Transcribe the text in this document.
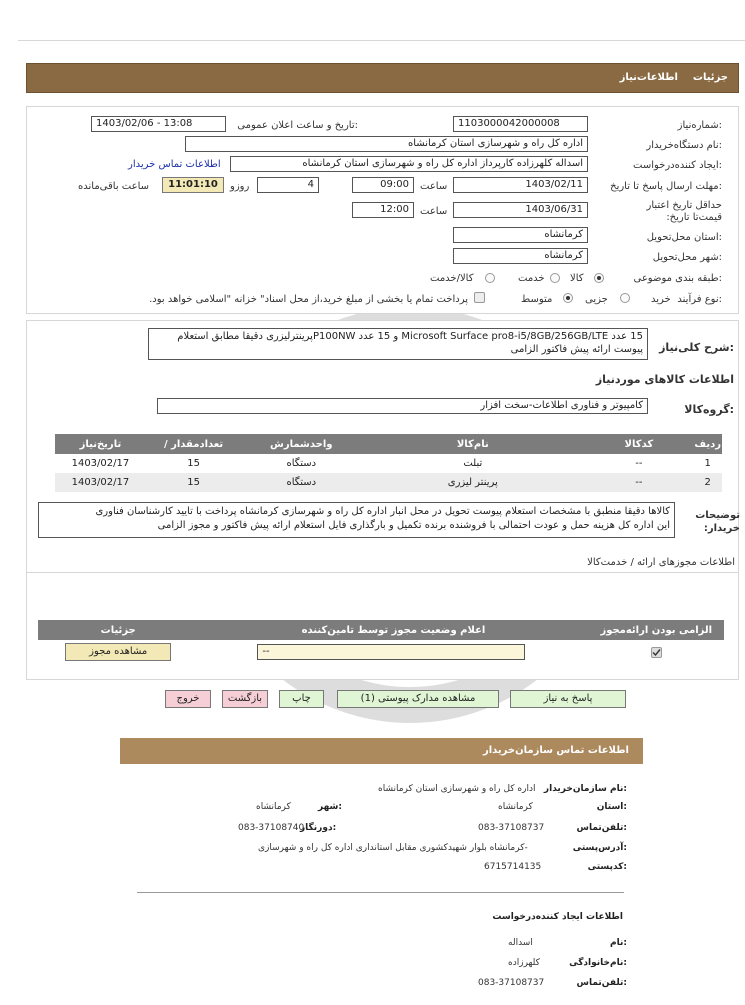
جزئیات
اطلاعات‌نیاز
شماره‌نیاز:
1103000042000008
تاریخ و ساعت اعلان عمومی:
1403/02/06 - 13:08
نام دستگاه‌خریدار:
اداره کل راه و شهرسازی استان کرمانشاه
ایجاد کننده‌درخواست:
اسداله کلهرزاده کارپرداز اداره کل راه و شهرسازی استان کرمانشاه
اطلاعات تماس خریدار
مهلت ارسال پاسخ تا تاریخ:
1403/02/11
ساعت
09:00
4
روزو
11:01:10
ساعت باقی‌مانده
حداقل تاریخ اعتبار قیمت‌تا تاریخ:
1403/06/31
ساعت
12:00
استان محل‌تحویل:
کرمانشاه
شهر محل‌تحویل:
کرمانشاه
طبقه بندی موضوعی:
کالا
خدمت
کالا/خدمت
نوع فرآیند:
خرید
جزیی
متوسط
پرداخت تمام یا بخشی از مبلغ خرید،از محل اسناد" خزانه "اسلامی خواهد بود.
شرح کلی‌نیاز:
15 عدد Microsoft Surface pro8-i5/8GB/256GB/LTE و 15 عدد P100NWپرینترلیزری دقیقا مطابق استعلام
پیوست ارائه پیش فاکتور الزامی
اطلاعات کالاهای موردنیاز
گروه‌کالا:
کامپیوتر و فناوری اطلاعات-سخت افزار
تاریخ‌نیاز	/ تعدادمقدار	واحدشمارش	نام‌کالا	کدکالا	ردیف
1403/02/17	15	دستگاه	تبلت	--	1
1403/02/17	15	دستگاه	پرینتر لیزری	--	2
توضیحات خریدار:
کالاها دقیقا منطبق با مشخصات استعلام پیوست تحویل در محل انبار اداره کل راه و شهرسازی کرمانشاه پرداخت با تایید کارشناسان فناوری
این اداره کل هزینه حمل و عودت احتمالی با فروشنده برنده تکمیل و بارگذاری فایل استعلام ارائه پیش فاکتور و مجوز الزامی
اطلاعات مجوزهای ارائه / خدمت‌کالا
جزئیات	اعلام وضعیت مجوز توسط تامین‌کننده	الزامی بودن ارائه‌مجوز

مشاهده مجوز	--

پاسخ به نیاز
مشاهده مدارک پیوستی (1)
چاپ
بازگشت
خروج
اطلاعات تماس سازمان‌خریدار
نام سازمان‌خریدار:
اداره کل راه و شهرسازی استان کرمانشاه
استان:
کرمانشاه
شهر:
کرمانشاه
تلفن‌تماس:
083-37108737
دورنگار:
083-37108740
آدرس‌پستی:
-کرمانشاه بلوار شهید‌کشوری مقابل استانداری اداره کل راه و شهرسازی
کدپستی:
6715714135
اطلاعات ایجاد کننده‌درخواست
نام:
اسداله
نام‌خانوادگی:
کلهرزاده
تلفن‌تماس:
083-37108737
